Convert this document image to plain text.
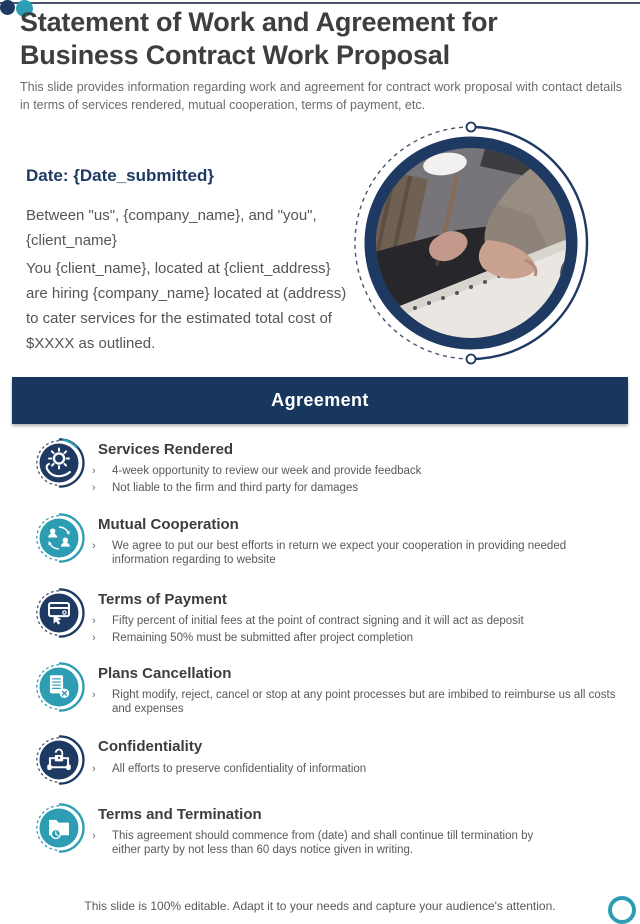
Statement of Work and Agreement for Business Contract Work Proposal

This slide provides information regarding work and agreement for contract work proposal with contact details in terms of services rendered, mutual cooperation, terms of payment, etc.

Date: {Date_submitted}

Between "us", {company_name}, and "you", {client_name}

You {client_name}, located at {client_address} are hiring {company_name} located at (address) to cater services for the estimated total cost of $XXXX as outlined.

Agreement
Services Rendered
›	4-week opportunity to review our week and provide feedback
›	Not liable to the firm and third party for damages
Mutual Cooperation
›	We agree to put our best efforts in return we expect your cooperation in providing needed information regarding to website
Terms of Payment
›	Fifty percent of initial fees at the point of contract signing and it will act as deposit
›	Remaining 50% must be submitted after project completion
Plans Cancellation
›	Right modify, reject, cancel or stop at any point processes but are imbibed to reimburse us all costs and expenses
Confidentiality
›	All efforts to preserve confidentiality of information
Terms and Termination
›	This agreement should commence from (date) and shall continue till termination by either party by not less than 60 days notice given in writing.

This slide is 100% editable. Adapt it to your needs and capture your audience's attention.
